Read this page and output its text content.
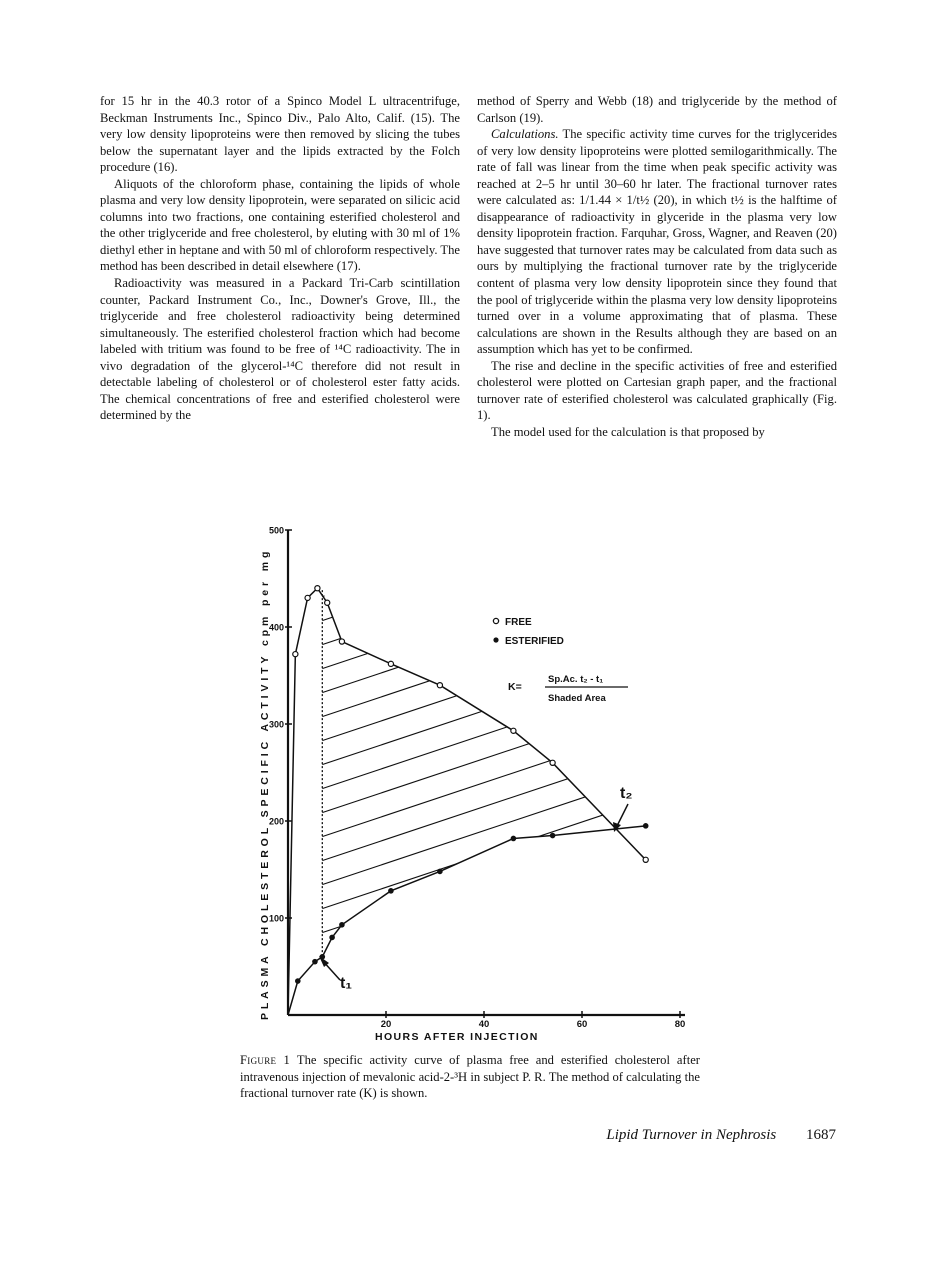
for 15 hr in the 40.3 rotor of a Spinco Model L ultracentrifuge, Beckman Instruments Inc., Spinco Div., Palo Alto, Calif. (15). The very low density lipoproteins were then removed by slicing the tubes below the supernatant layer and the lipids extracted by the Folch procedure (16).

Aliquots of the chloroform phase, containing the lipids of whole plasma and very low density lipoprotein, were separated on silicic acid columns into two fractions, one containing esterified cholesterol and the other triglyceride and free cholesterol, by eluting with 30 ml of 1% diethyl ether in heptane and with 50 ml of chloroform respectively. The method has been described in detail elsewhere (17).

Radioactivity was measured in a Packard Tri-Carb scintillation counter, Packard Instrument Co., Inc., Downer's Grove, Ill., the triglyceride and free cholesterol radioactivity being determined simultaneously. The esterified cholesterol fraction which had become labeled with tritium was found to be free of ¹⁴C radioactivity. The in vivo degradation of the glycerol-¹⁴C therefore did not result in detectable labeling of cholesterol or of cholesterol ester fatty acids. The chemical concentrations of free and esterified cholesterol were determined by the

method of Sperry and Webb (18) and triglyceride by the method of Carlson (19).

Calculations. The specific activity time curves for the triglycerides of very low density lipoproteins were plotted semilogarithmically. The rate of fall was linear from the time when peak specific activity was reached at 2–5 hr until 30–60 hr later. The fractional turnover rates were calculated as: 1/1.44 × 1/t½ (20), in which t½ is the halftime of disappearance of radioactivity in glyceride in the plasma very low density lipoprotein fraction. Farquhar, Gross, Wagner, and Reaven (20) have suggested that turnover rates may be calculated from data such as ours by multiplying the fractional turnover rate by the triglyceride content of plasma very low density lipoprotein since they found that the pool of triglyceride within the plasma very low density lipoproteins turned over in a volume approximating that of plasma. These calculations are shown in the Results although they are based on an assumption which has yet to be confirmed.

The rise and decline in the specific activities of free and esterified cholesterol were plotted on Cartesian graph paper, and the fractional turnover rate of esterified cholesterol was calculated graphically (Fig. 1).

The model used for the calculation is that proposed by

20	40	60	80
100
200
300
400
500
PLASMA CHOLESTEROL SPECIFIC ACTIVITY cpm per mg
HOURS AFTER INJECTION
FREE
ESTERIFIED
K=
Sp.Ac. t₂ - t₁
Shaded Area
t₁
t₂
Figure 1 The specific activity curve of plasma free and esterified cholesterol after intravenous injection of mevalonic acid-2-³H in subject P. R. The method of calculating the fractional turnover rate (K) is shown.
Lipid Turnover in Nephrosis 1687
